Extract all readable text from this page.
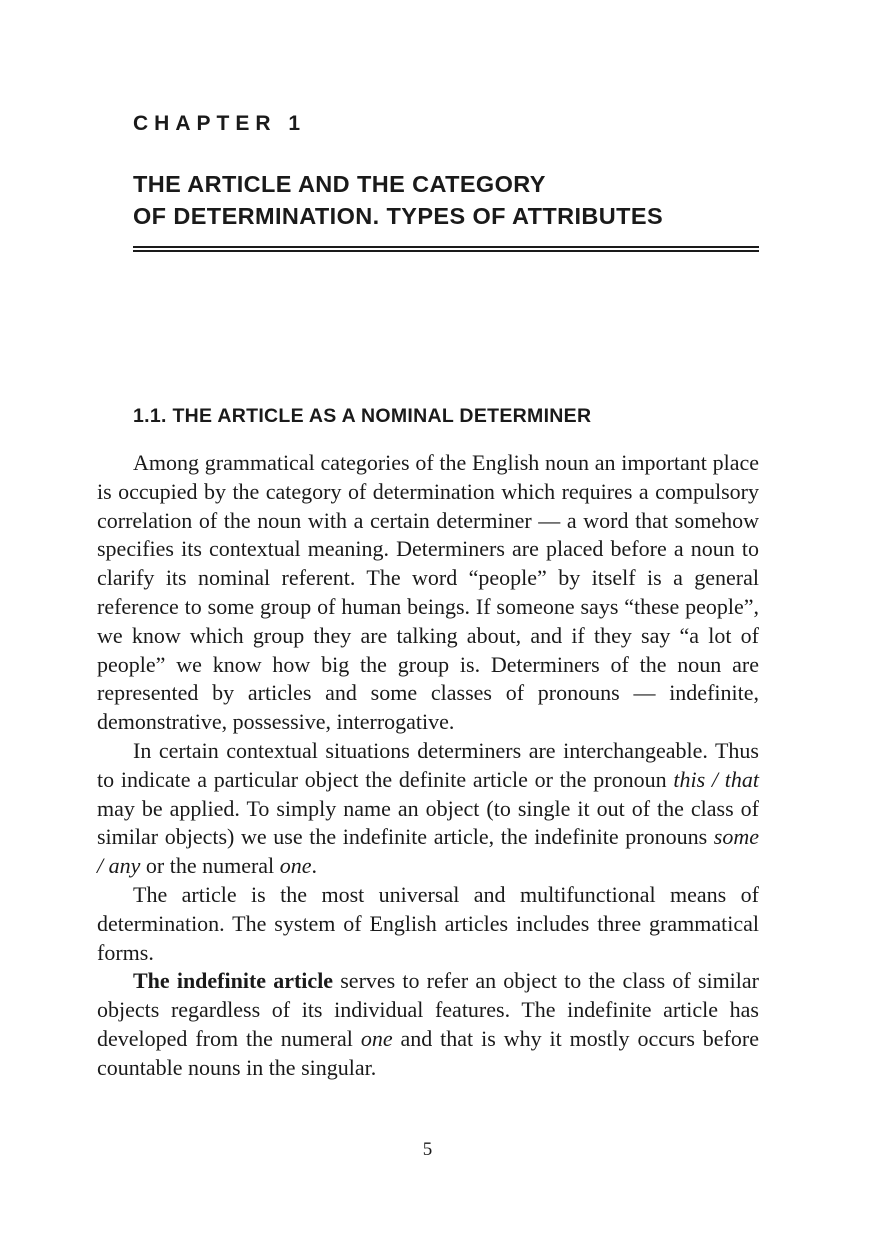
CHAPTER 1
THE ARTICLE AND THE CATEGORY
OF DETERMINATION. TYPES OF ATTRIBUTES
1.1. THE ARTICLE AS A NOMINAL DETERMINER

Among grammatical categories of the English noun an important place is occupied by the category of determination which requires a compulsory correlation of the noun with a certain determiner — a word that somehow specifies its contextual meaning. Determiners are placed before a noun to clarify its nominal referent. The word “people” by itself is a general reference to some group of human beings. If someone says “these people”, we know which group they are talking about, and if they say “a lot of people” we know how big the group is. Determiners of the noun are represented by articles and some classes of pronouns — indefinite, demonstrative, possessive, interrogative.

In certain contextual situations determiners are interchangeable. Thus to indicate a particular object the definite article or the pronoun this / that may be applied. To simply name an object (to single it out of the class of similar objects) we use the indefinite article, the indefinite pronouns some / any or the numeral one.

The article is the most universal and multifunctional means of determination. The system of English articles includes three grammatical forms.

The indefinite article serves to refer an object to the class of similar objects regardless of its individual features. The indefinite article has developed from the numeral one and that is why it mostly occurs before countable nouns in the singular.

5
